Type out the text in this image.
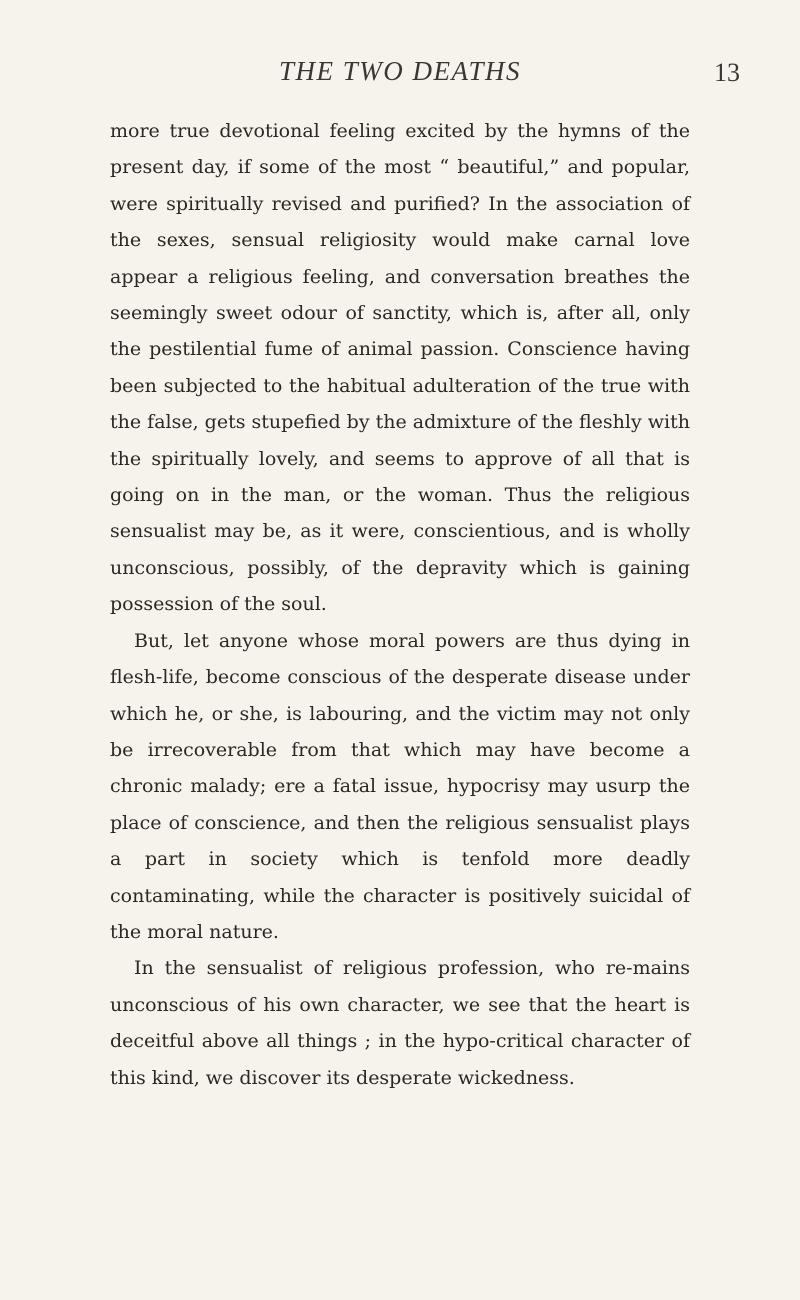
THE TWO DEATHS	13

more true devotional feeling excited by the hymns of the present day, if some of the most “ beautiful,” and popular, were spiritually revised and purified? In the association of the sexes, sensual religiosity would make carnal love appear a religious feeling, and conversation breathes the seemingly sweet odour of sanctity, which is, after all, only the pestilential fume of animal passion. Conscience having been subjected to the habitual adulteration of the true with the false, gets stupefied by the admixture of the fleshly with the spiritually lovely, and seems to approve of all that is going on in the man, or the woman. Thus the religious sensualist may be, as it were, conscientious, and is wholly unconscious, possibly, of the depravity which is gaining possession of the soul.

But, let anyone whose moral powers are thus dying in flesh-life, become conscious of the desperate disease under which he, or she, is labouring, and the victim may not only be irrecoverable from that which may have become a chronic malady; ere a fatal issue, hypocrisy may usurp the place of conscience, and then the religious sensualist plays a part in society which is tenfold more deadly contaminating, while the character is positively suicidal of the moral nature.

In the sensualist of religious profession, who re-mains unconscious of his own character, we see that the heart is deceitful above all things ; in the hypo-critical character of this kind, we discover its desperate wickedness.
